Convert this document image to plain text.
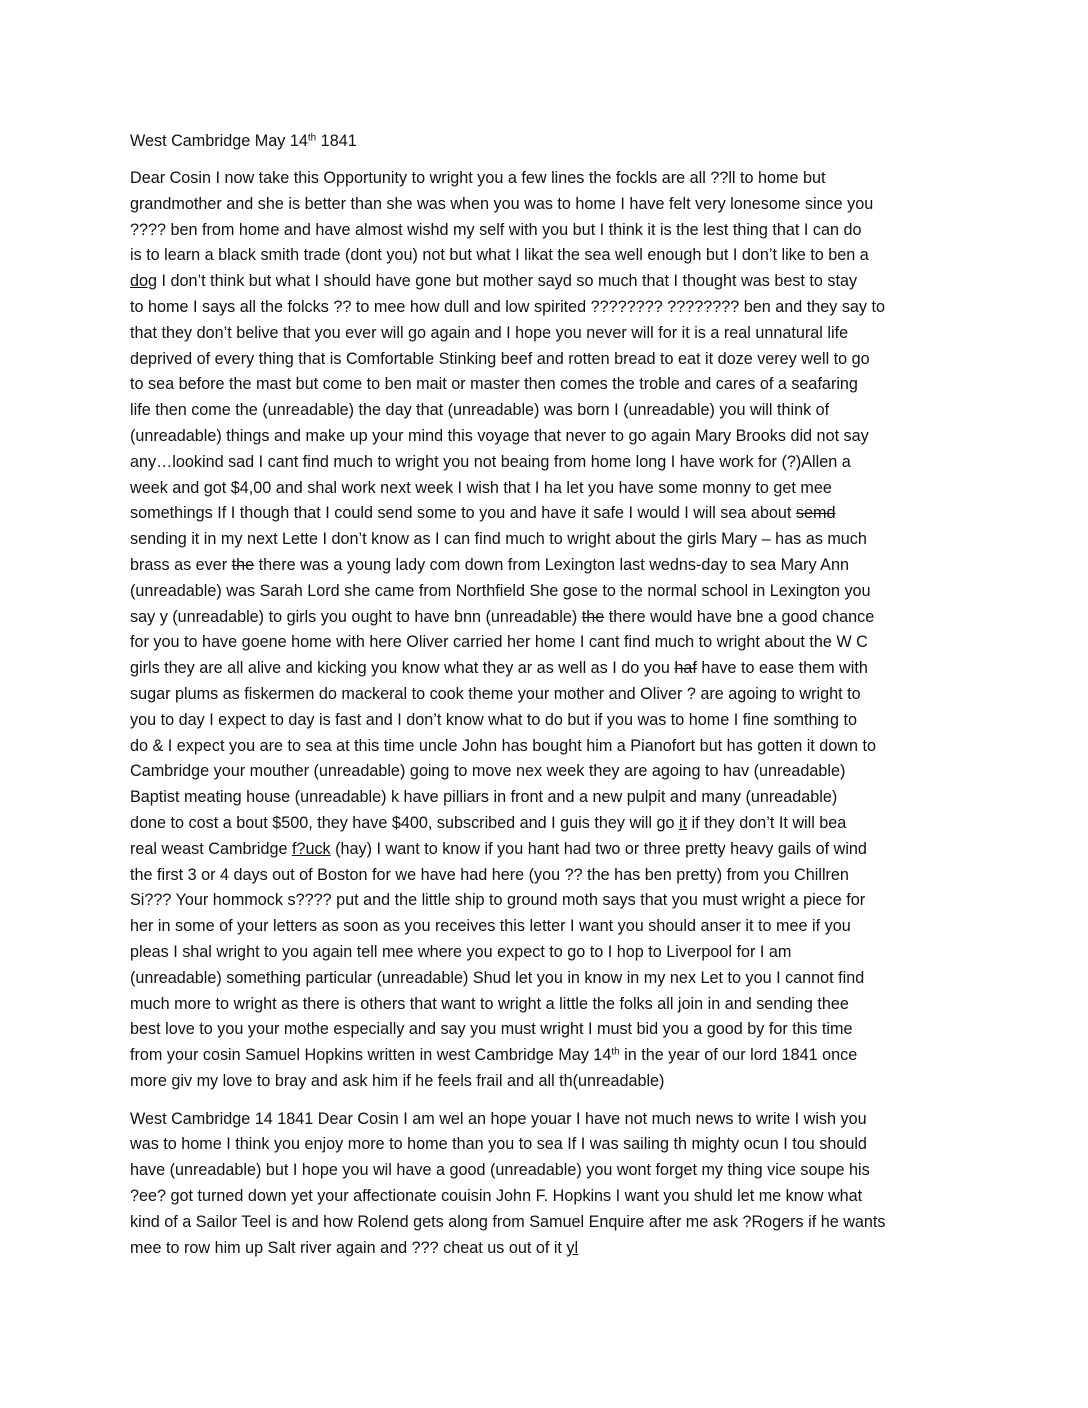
West Cambridge May 14th 1841
Dear Cosin I now take this Opportunity to wright you a few lines the fockls are all ??ll to home but
grandmother and she is better than she was when you was to home I have felt very lonesome since you
???? ben from home and have almost wishd my self with you but I think it is the lest thing that I can do
is to learn a black smith trade (dont you) not but what I likat the sea well enough but I don’t like to ben a
dog I don’t think but what I should have gone but mother sayd so much that I thought was best to stay
to home I says all the folcks ?? to mee how dull and low spirited ???????? ???????? ben and they say to
that they don’t belive that you ever will go again and I hope you never will for it is a real unnatural life
deprived of every thing that is Comfortable Stinking beef and rotten bread to eat it doze verey well to go
to sea before the mast but come to ben mait or master then comes the troble and cares of a seafaring
life then come the (unreadable) the day that (unreadable) was born I (unreadable) you will think of
(unreadable) things and make up your mind this voyage that never to go again Mary Brooks did not say
any…lookind sad I cant find much to wright you not beaing from home long I have work for (?)Allen a
week and got $4,00 and shal work next week I wish that I ha let you have some monny to get mee
somethings If I though that I could send some to you and have it safe I would I will sea about semd
sending it in my next Lette I don’t know as I can find much to wright about the girls Mary – has as much
brass as ever the there was a young lady com down from Lexington last wedns-day to sea Mary Ann
(unreadable) was Sarah Lord she came from Northfield She gose to the normal school in Lexington you
say y (unreadable) to girls you ought to have bnn (unreadable) the there would have bne a good chance
for you to have goene home with here Oliver carried her home I cant find much to wright about the W C
girls they are all alive and kicking you know what they ar as well as I do you haf have to ease them with
sugar plums as fiskermen do mackeral to cook theme your mother and Oliver ? are agoing to wright to
you to day I expect to day is fast and I don’t know what to do but if you was to home I fine somthing to
do & I expect you are to sea at this time uncle John has bought him a Pianofort but has gotten it down to
Cambridge your mouther (unreadable) going to move nex week they are agoing to hav (unreadable)
Baptist meating house (unreadable) k have pilliars in front and a new pulpit and many (unreadable)
done to cost a bout $500, they have $400, subscribed and I guis they will go it if they don’t It will bea
real weast Cambridge f?uck (hay) I want to know if you hant had two or three pretty heavy gails of wind
the first 3 or 4 days out of Boston for we have had here (you ?? the has ben pretty) from you Chillren
Si??? Your hommock s???? put and the little ship to ground moth says that you must wright a piece for
her in some of your letters as soon as you receives this letter I want you should anser it to mee if you
pleas I shal wright to you again tell mee where you expect to go to I hop to Liverpool for I am
(unreadable) something particular (unreadable) Shud let you in know in my nex Let to you I cannot find
much more to wright as there is others that want to wright a little the folks all join in and sending thee
best love to you your mothe especially and say you must wright I must bid you a good by for this time
from your cosin Samuel Hopkins written in west Cambridge May 14th in the year of our lord 1841 once
more giv my love to bray and ask him if he feels frail and all th(unreadable)
West Cambridge 14 1841 Dear Cosin I am wel an hope youar I have not much news to write I wish you
was to home I think you enjoy more to home than you to sea If I was sailing th mighty ocun I tou should
have (unreadable) but I hope you wil have a good (unreadable) you wont forget my thing vice soupe his
?ee? got turned down yet your affectionate couisin John F. Hopkins I want you shuld let me know what
kind of a Sailor Teel is and how Rolend gets along from Samuel Enquire after me ask ?Rogers if he wants
mee to row him up Salt river again and ??? cheat us out of it yl
